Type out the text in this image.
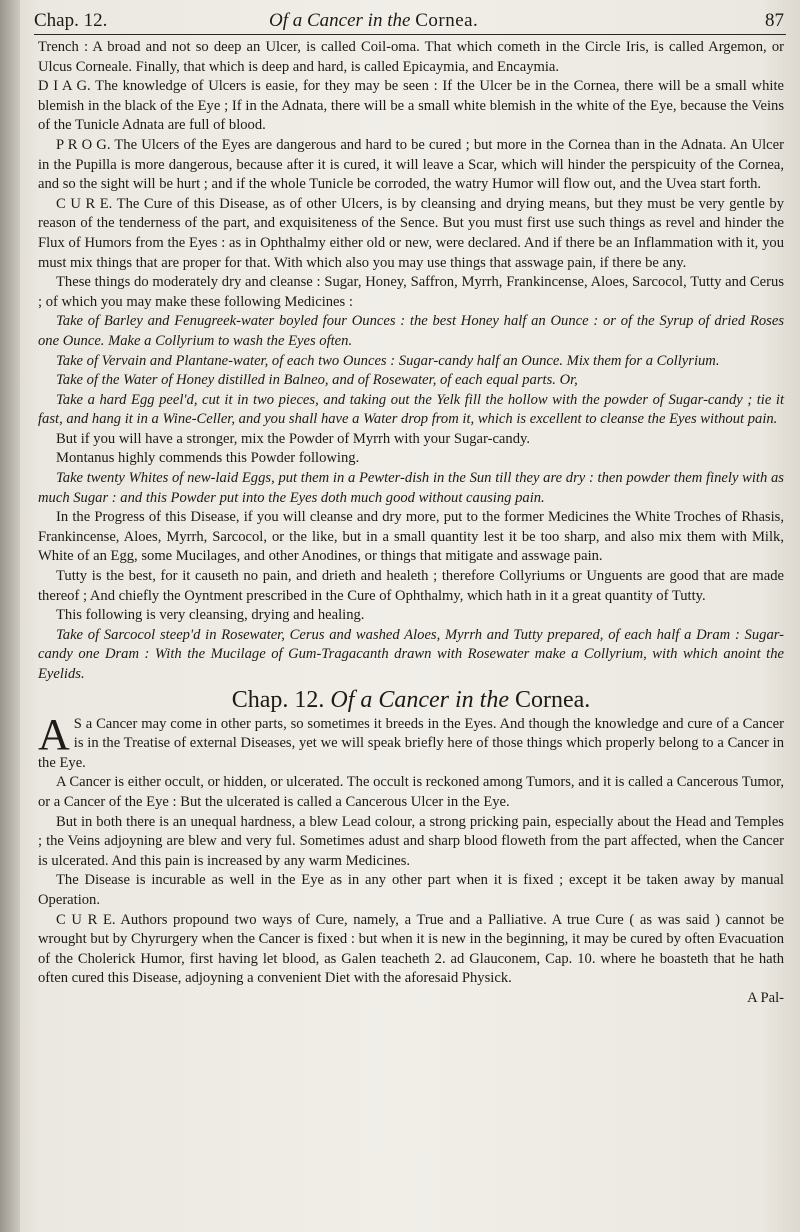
Chap. 12.	Of a Cancer in the Cornea.	87

Trench : A broad and not so deep an Ulcer, is called Coil-oma. That which cometh in the Circle Iris, is called Argemon, or Ulcus Corneale. Finally, that which is deep and hard, is called Epicaymia, and Encaymia.

D I A G. The knowledge of Ulcers is easie, for they may be seen : If the Ulcer be in the Cornea, there will be a small white blemish in the black of the Eye ; If in the Adnata, there will be a small white blemish in the white of the Eye, because the Veins of the Tunicle Adnata are full of blood.

P R O G. The Ulcers of the Eyes are dangerous and hard to be cured ; but more in the Cornea than in the Adnata. An Ulcer in the Pupilla is more dangerous, because after it is cured, it will leave a Scar, which will hinder the perspicuity of the Cornea, and so the sight will be hurt ; and if the whole Tunicle be corroded, the watry Humor will flow out, and the Uvea start forth.

C U R E. The Cure of this Disease, as of other Ulcers, is by cleansing and drying means, but they must be very gentle by reason of the tenderness of the part, and exquisiteness of the Sence. But you must first use such things as revel and hinder the Flux of Humors from the Eyes : as in Ophthalmy either old or new, were declared. And if there be an Inflammation with it, you must mix things that are proper for that. With which also you may use things that asswage pain, if there be any.

These things do moderately dry and cleanse : Sugar, Honey, Saffron, Myrrh, Frankincense, Aloes, Sarcocol, Tutty and Cerus ; of which you may make these following Medicines :

Take of Barley and Fenugreek-water boyled four Ounces : the best Honey half an Ounce : or of the Syrup of dried Roses one Ounce. Make a Collyrium to wash the Eyes often.

Take of Vervain and Plantane-water, of each two Ounces : Sugar-candy half an Ounce. Mix them for a Collyrium.

Take of the Water of Honey distilled in Balneo, and of Rosewater, of each equal parts. Or,

Take a hard Egg peel'd, cut it in two pieces, and taking out the Yelk fill the hollow with the powder of Sugar-candy ; tie it fast, and hang it in a Wine-Celler, and you shall have a Water drop from it, which is excellent to cleanse the Eyes without pain.

But if you will have a stronger, mix the Powder of Myrrh with your Sugar-candy.

Montanus highly commends this Powder following.

Take twenty Whites of new-laid Eggs, put them in a Pewter-dish in the Sun till they are dry : then powder them finely with as much Sugar : and this Powder put into the Eyes doth much good without causing pain.

In the Progress of this Disease, if you will cleanse and dry more, put to the former Medicines the White Troches of Rhasis, Frankincense, Aloes, Myrrh, Sarcocol, or the like, but in a small quantity lest it be too sharp, and also mix them with Milk, White of an Egg, some Mucilages, and other Anodines, or things that mitigate and asswage pain.

Tutty is the best, for it causeth no pain, and drieth and healeth ; therefore Collyriums or Unguents are good that are made thereof ; And chiefly the Oyntment prescribed in the Cure of Ophthalmy, which hath in it a great quantity of Tutty.

This following is very cleansing, drying and healing.

Take of Sarcocol steep'd in Rosewater, Cerus and washed Aloes, Myrrh and Tutty prepared, of each half a Dram : Sugar-candy one Dram : With the Mucilage of Gum-Tragacanth drawn with Rosewater make a Collyrium, with which anoint the Eyelids.

Chap. 12. Of a Cancer in the Cornea.

A S a Cancer may come in other parts, so sometimes it breeds in the Eyes. And though the knowledge and cure of a Cancer is in the Treatise of external Diseases, yet we will speak briefly here of those things which properly belong to a Cancer in the Eye.

A Cancer is either occult, or hidden, or ulcerated. The occult is reckoned among Tumors, and it is called a Cancerous Tumor, or a Cancer of the Eye : But the ulcerated is called a Cancerous Ulcer in the Eye.

But in both there is an unequal hardness, a blew Lead colour, a strong pricking pain, especially about the Head and Temples ; the Veins adjoyning are blew and very ful. Sometimes adust and sharp blood floweth from the part affected, when the Cancer is ulcerated. And this pain is increased by any warm Medicines.

The Disease is incurable as well in the Eye as in any other part when it is fixed ; except it be taken away by manual Operation.

C U R E. Authors propound two ways of Cure, namely, a True and a Palliative. A true Cure ( as was said ) cannot be wrought but by Chyrurgery when the Cancer is fixed : but when it is new in the beginning, it may be cured by often Evacuation of the Cholerick Humor, first having let blood, as Galen teacheth 2. ad Glauconem, Cap. 10. where he boasteth that he hath often cured this Disease, adjoyning a convenient Diet with the aforesaid Physick.

A Pal-
